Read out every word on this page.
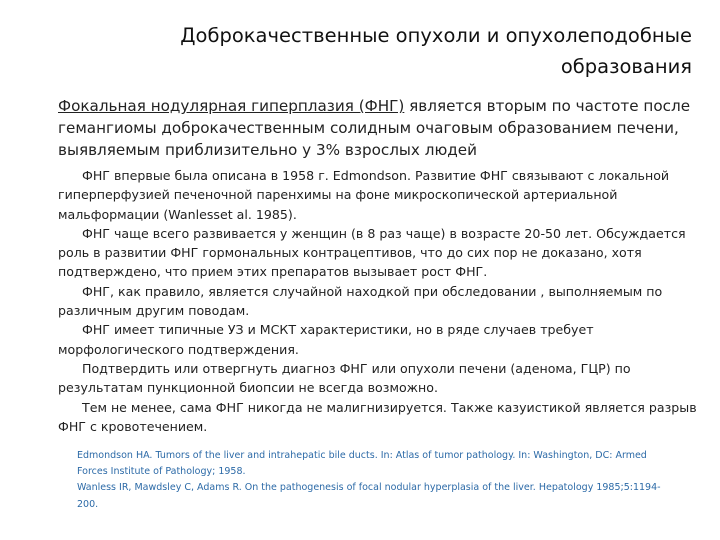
Доброкачественные опухоли и опухолеподобные
образования
Фокальная нодулярная гиперплазия (ФНГ) является вторым по частоте после гемангиомы доброкачественным солидным очаговым образованием печени, выявляемым приблизительно у 3% взрослых людей

ФНГ впервые была описана в 1958 г. Edmondson. Развитие ФНГ связывают с локальной гиперперфузией печеночной паренхимы на фоне микроскопической артериальной мальформации (Wanlesset al. 1985).

ФНГ чаще всего развивается у женщин (в 8 раз чаще) в возрасте 20-50 лет. Обсуждается роль в развитии ФНГ гормональных контрацептивов, что до сих пор не доказано, хотя подтверждено, что прием этих препаратов вызывает рост ФНГ.

ФНГ, как правило, является случайной находкой при обследовании , выполняемым по различным другим поводам.

ФНГ имеет типичные УЗ и МСКТ характеристики, но в ряде случаев требует морфологического подтверждения.

Подтвердить или отвергнуть диагноз ФНГ или опухоли печени (аденома, ГЦР) по результатам пункционной биопсии не всегда возможно.

Тем не менее, сама ФНГ никогда не малигнизируется. Также казуистикой является разрыв ФНГ с кровотечением.

Edmondson HA. Tumors of the liver and intrahepatic bile ducts. In: Atlas of tumor pathology. In: Washington, DC: Armed Forces Institute of Pathology; 1958.

Wanless IR, Mawdsley C, Adams R. On the pathogenesis of focal nodular hyperplasia of the liver. Hepatology 1985;5:1194-200.
